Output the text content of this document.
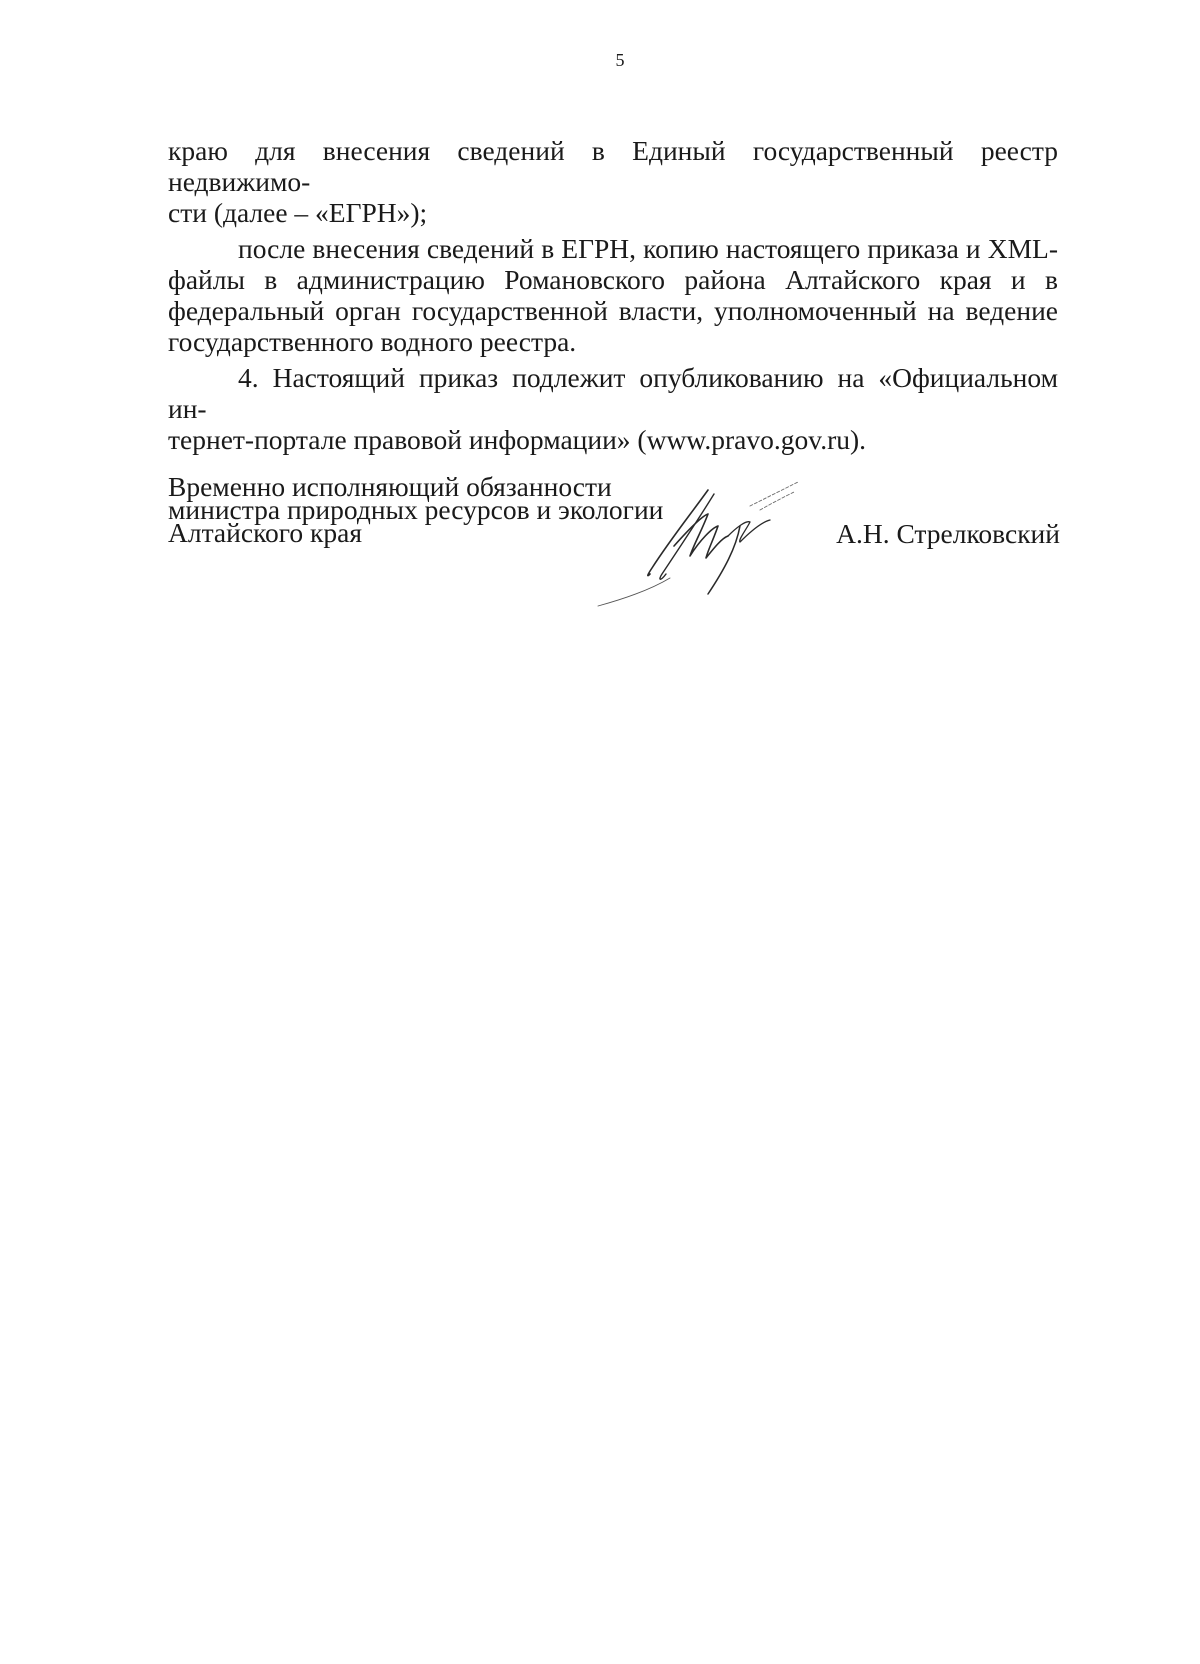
5

краю для внесения сведений в Единый государственный реестр недвижимо-

сти (далее – «ЕГРН»);

после внесения сведений в ЕГРН, копию настоящего приказа и XML-файлы в администрацию Романовского района Алтайского края и в федеральный орган государственной власти, уполномоченный на ведение государственного водного реестра.

4. Настоящий приказ подлежит опубликованию на «Официальном ин-

тернет-портале правовой информации» (www.pravo.gov.ru).

Временно исполняющий обязанности
министра природных ресурсов и экологии
Алтайского края	А.Н. Стрелковский
